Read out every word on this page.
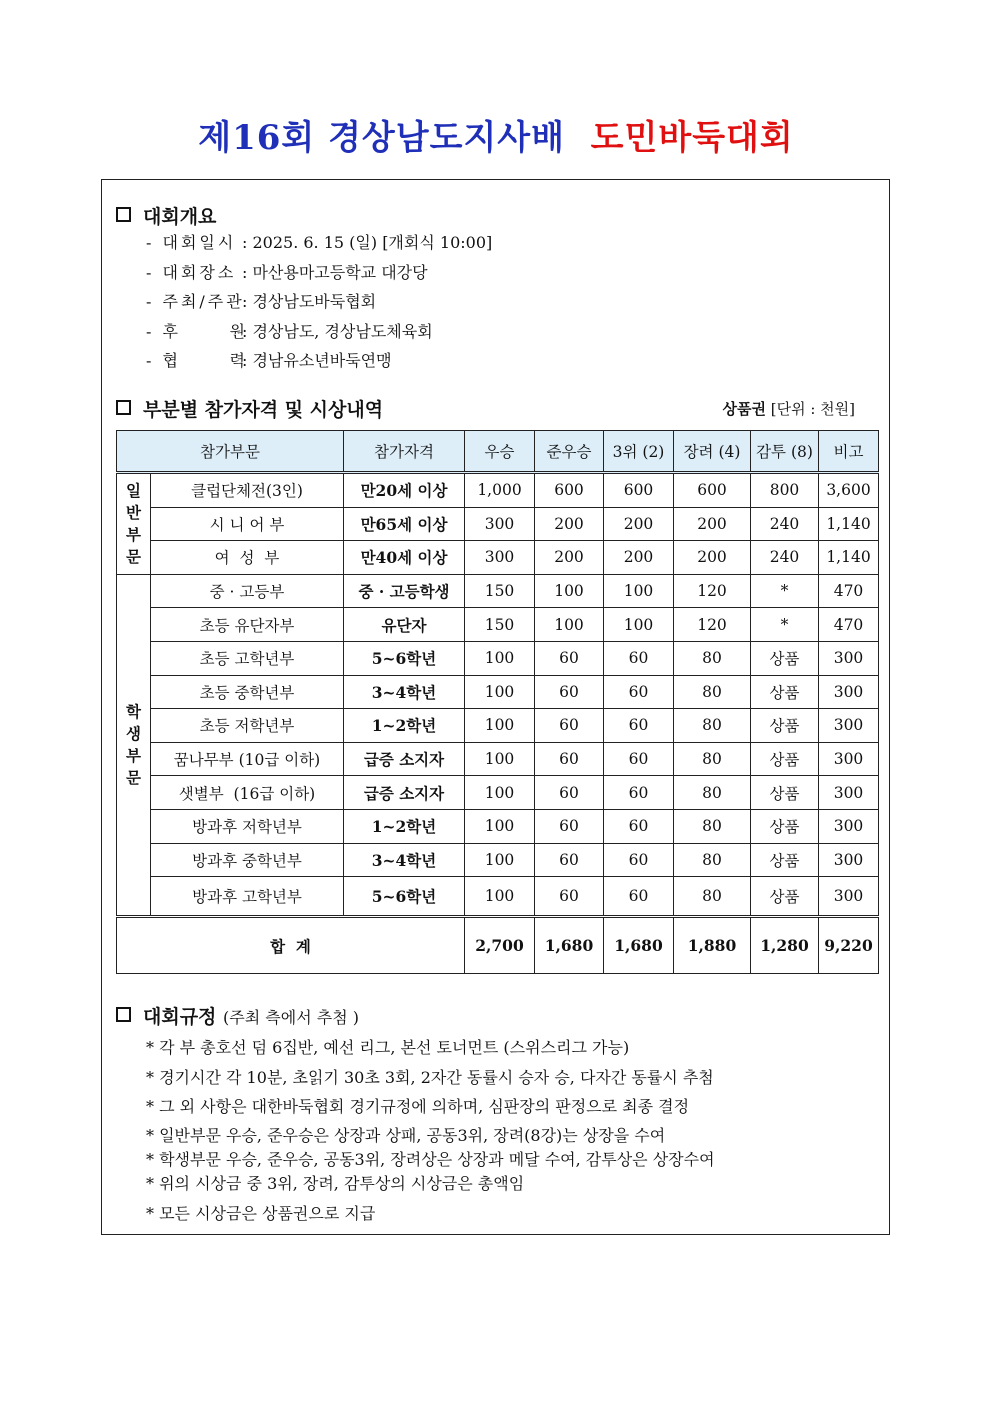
제16회 경상남도지사배 도민바둑대회
대회개요
- 대회일시 : 2025. 6. 15 (일) [개회식 10:00]
- 대회장소 : 마산용마고등학교 대강당
- 주최/주관: 경상남도바둑협회
- 후      원: 경상남도, 경상남도체육회
- 협      력: 경남유소년바둑연맹
부분별 참가자격 및 시상내역	상품권 [단위 : 천원]
참가부문		참가자격	우승	준우승	3위 (2)	장려 (4)	감투 (8)	비고
일반부문	클럽단체전(3인)	만20세 이상	1,000	600	600	600	800	3,600
	시 니 어 부	만65세 이상	300	200	200	200	240	1,140
	여  성  부	만40세 이상	300	200	200	200	240	1,140
학생부문	중 · 고등부	중 · 고등학생	150	100	100	120	*	470
	초등 유단자부	유단자	150	100	100	120	*	470
	초등 고학년부	5~6학년	100	60	60	80	상품	300
	초등 중학년부	3~4학년	100	60	60	80	상품	300
	초등 저학년부	1~2학년	100	60	60	80	상품	300
	꿈나무부 (10급 이하)	급증 소지자	100	60	60	80	상품	300
	샛별부  (16급 이하)	급증 소지자	100	60	60	80	상품	300
	방과후 저학년부	1~2학년	100	60	60	80	상품	300
	방과후 중학년부	3~4학년	100	60	60	80	상품	300
	방과후 고학년부	5~6학년	100	60	60	80	상품	300
합  계			2,700	1,680	1,680	1,880	1,280	9,220
대회규정 (주최 측에서 추첨 )
* 각 부 총호선 덤 6집반, 예선 리그, 본선 토너먼트 (스위스리그 가능)
* 경기시간 각 10분, 초읽기 30초 3회, 2자간 동률시 승자 승, 다자간 동률시 추첨
* 그 외 사항은 대한바둑협회 경기규정에 의하며, 심판장의 판정으로 최종 결정
* 일반부문 우승, 준우승은 상장과 상패, 공동3위, 장려(8강)는 상장을 수여
* 학생부문 우승, 준우승, 공동3위, 장려상은 상장과 메달 수여, 감투상은 상장수여
* 위의 시상금 중 3위, 장려, 감투상의 시상금은 총액임
* 모든 시상금은 상품권으로 지급
